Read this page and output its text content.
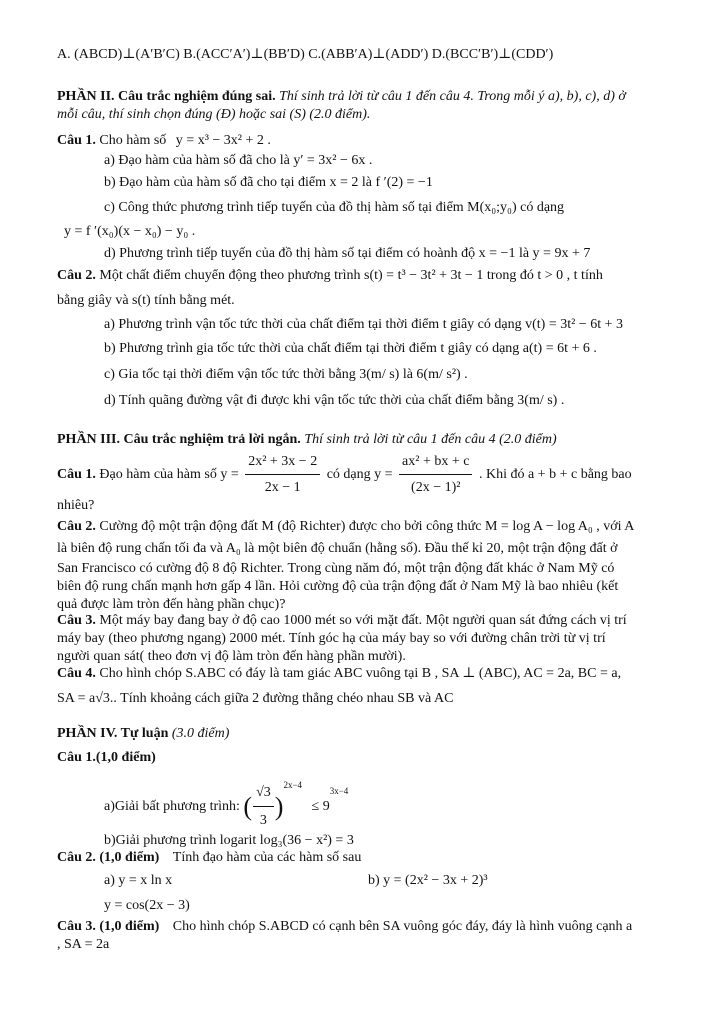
A. (ABCD)⊥(A′B′C) B.(ACC′A′)⊥(BB′D) C.(ABB′A)⊥(ADD′) D.(BCC′B′)⊥(CDD′)
PHẦN II. Câu trắc nghiệm đúng sai. Thí sinh trả lời từ câu 1 đến câu 4. Trong mỗi ý a), b), c), d) ở
mỗi câu, thí sinh chọn đúng (Đ) hoặc sai (S) (2.0 điểm).
Câu 1. Cho hàm số y = x³ − 3x² + 2 .
a) Đạo hàm của hàm số đã cho là y′ = 3x² − 6x .
b) Đạo hàm của hàm số đã cho tại điểm x = 2 là f ′(2) = −1
c) Công thức phương trình tiếp tuyến của đồ thị hàm số tại điểm M(x₀;y₀) có dạng
y = f ′(x₀)(x − x₀) − y₀ .
d) Phương trình tiếp tuyến của đồ thị hàm số tại điểm có hoành độ x = −1 là y = 9x + 7
Câu 2. Một chất điểm chuyển động theo phương trình s(t) = t³ − 3t² + 3t − 1 trong đó t > 0 , t tính
bằng giây và s(t) tính bằng mét.
a) Phương trình vận tốc tức thời của chất điểm tại thời điểm t giây có dạng v(t) = 3t² − 6t + 3
b) Phương trình gia tốc tức thời của chất điểm tại thời điểm t giây có dạng a(t) = 6t + 6 .
c) Gia tốc tại thời điểm vận tốc tức thời bằng 3(m/ s) là 6(m/ s²) .
d) Tính quãng đường vật đi được khi vận tốc tức thời của chất điểm bằng 3(m/ s) .
PHẦN III. Câu trắc nghiệm trả lời ngắn. Thí sinh trả lời từ câu 1 đến câu 4 (2.0 điểm)
Câu 1. Đạo hàm của hàm số $y = \frac{\text{2x² + 3x − 2}}{2x - 1}$ có dạng $y = \frac{\text{ax² + bx + c}}{\text{(2x − 1)²}}$ . Khi đó a + b + c bằng bao
nhiêu?
Câu 2. Cường độ một trận động đất M (độ Richter) được cho bởi công thức M = log A − log A₀ , với A
là biên độ rung chấn tối đa và A₀ là một biên độ chuẩn (hằng số). Đầu thế kỉ 20, một trận động đất ở
San Francisco có cường độ 8 độ Richter. Trong cùng năm đó, một trận động đất khác ở Nam Mỹ có
biên độ rung chấn mạnh hơn gấp 4 lần. Hỏi cường độ của trận động đất ở Nam Mỹ là bao nhiêu (kết
quả được làm tròn đến hàng phần chục)?
Câu 3. Một máy bay đang bay ở độ cao 1000 mét so với mặt đất. Một người quan sát đứng cách vị trí
máy bay (theo phương ngang) 2000 mét. Tính góc hạ của máy bay so với đường chân trời từ vị trí
người quan sát( theo đơn vị độ làm tròn đến hàng phần mười).
Câu 4. Cho hình chóp S.ABC có đáy là tam giác ABC vuông tại B , SA ⊥ (ABC), AC = 2a, BC = a,
SA = a√3.. Tính khoảng cách giữa 2 đường thẳng chéo nhau SB và AC
PHẦN IV. Tự luận (3.0 điểm)
Câu 1.(1,0 điểm)
a)Giải bất phương trình: ( $\frac{√3}{3} )^{2x-4} \le 9^{3x-4}$
b)Giải phương trình logarit log₃(36 − x²) = 3
Câu 2. (1,0 điểm) Tính đạo hàm của các hàm số sau
a) y = x ln x	b) y = (2x² − 3x + 2)³
y = cos(2x − 3)
Câu 3. (1,0 điểm) Cho hình chóp S.ABCD có cạnh bên SA vuông góc đáy, đáy là hình vuông cạnh a
, SA = 2a
